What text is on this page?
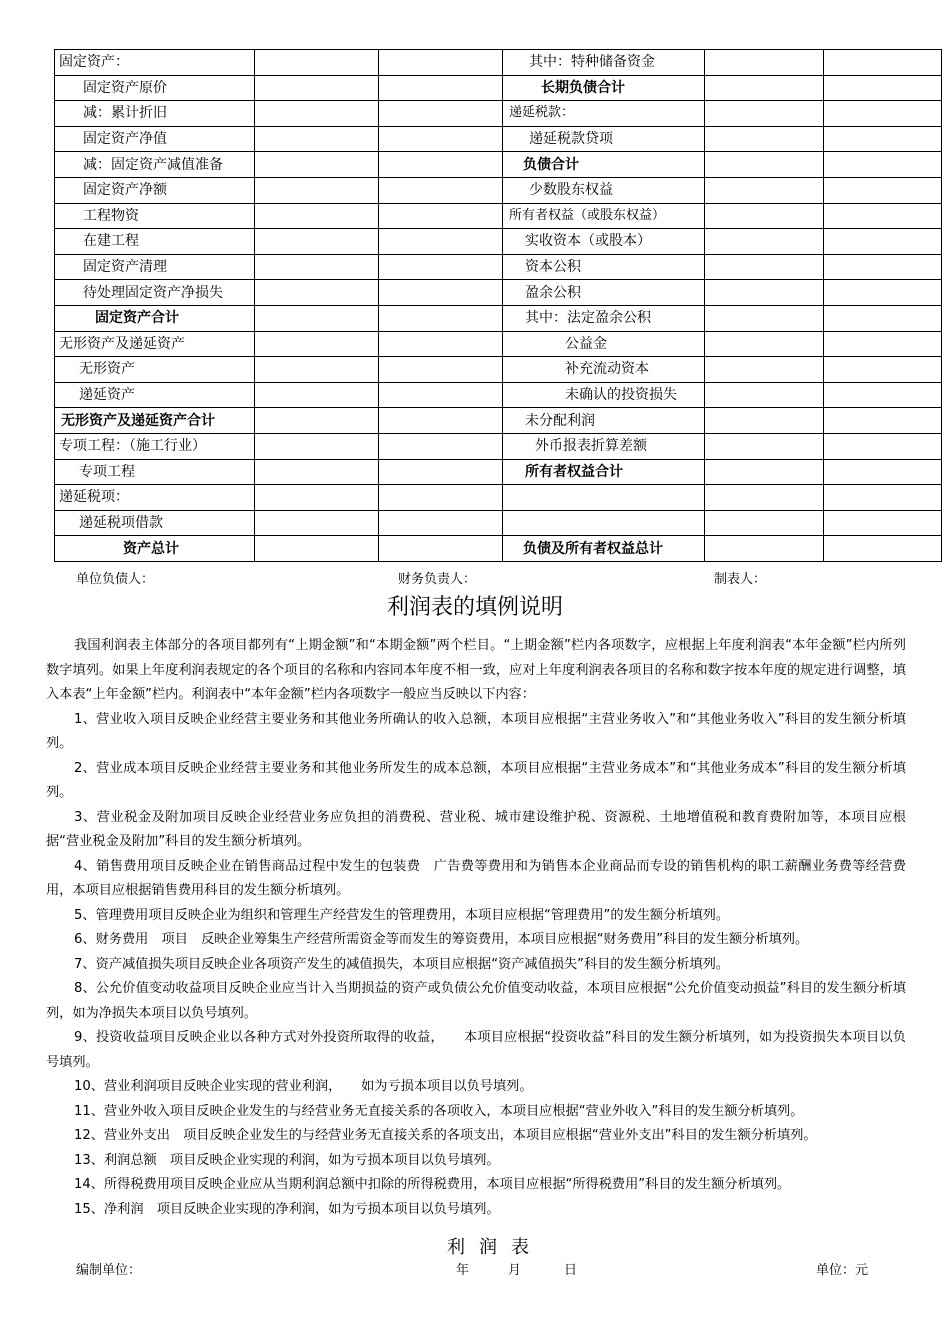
固定资产：			其中：特种储备资金		
固定资产原价			长期负债合计		
减：累计折旧			递延税款：		
固定资产净值			递延税款贷项		
减：固定资产减值准备			负债合计		
固定资产净额			少数股东权益		
工程物资			所有者权益（或股东权益）		
在建工程			实收资本（或股本）		
固定资产清理			资本公积		
待处理固定资产净损失			盈余公积		
固定资产合计			其中：法定盈余公积		
无形资产及递延资产			公益金		
无形资产			补充流动资本		
递延资产			未确认的投资损失		
无形资产及递延资产合计			未分配利润		
专项工程：（施工行业）			外币报表折算差额		
专项工程			所有者权益合计		
递延税项：					
递延税项借款					
资产总计			负债及所有者权益总计		
单位负债人：	财务负责人：	制表人：
利润表的填例说明

我国利润表主体部分的各项目都列有“上期金额”和“本期金额”两个栏目。“上期金额”栏内各项数字，应根据上年度利润表“本年金额”栏内所列数字填列。如果上年度利润表规定的各个项目的名称和内容同本年度不相一致，应对上年度利润表各项目的名称和数字按本年度的规定进行调整，填入本表“上年金额”栏内。利润表中“本年金额”栏内各项数字一般应当反映以下内容：

1、营业收入项目反映企业经营主要业务和其他业务所确认的收入总额，本项目应根据“主营业务收入”和“其他业务收入”科目的发生额分析填列。

2、营业成本项目反映企业经营主要业务和其他业务所发生的成本总额，本项目应根据“主营业务成本”和“其他业务成本”科目的发生额分析填列。

3、营业税金及附加项目反映企业经营业务应负担的消费税、营业税、城市建设维护税、资源税、土地增值税和教育费附加等，本项目应根据“营业税金及附加”科目的发生额分析填列。

4、销售费用项目反映企业在销售商品过程中发生的包装费　广告费等费用和为销售本企业商品而专设的销售机构的职工薪酬业务费等经营费用，本项目应根据销售费用科目的发生额分析填列。

5、管理费用项目反映企业为组织和管理生产经营发生的管理费用，本项目应根据“管理费用”的发生额分析填列。

6、财务费用　项目　反映企业筹集生产经营所需资金等而发生的筹资费用，本项目应根据“财务费用”科目的发生额分析填列。

7、资产减值损失项目反映企业各项资产发生的减值损失，本项目应根据“资产减值损失”科目的发生额分析填列。

8、公允价值变动收益项目反映企业应当计入当期损益的资产或负债公允价值变动收益，本项目应根据“公允价值变动损益”科目的发生额分析填列，如为净损失本项目以负号填列。

9、投资收益项目反映企业以各种方式对外投资所取得的收益，　　本项目应根据“投资收益”科目的发生额分析填列，如为投资损失本项目以负号填列。

10、营业利润项目反映企业实现的营业利润，　　如为亏损本项目以负号填列。

11、营业外收入项目反映企业发生的与经营业务无直接关系的各项收入，本项目应根据“营业外收入”科目的发生额分析填列。

12、营业外支出　项目反映企业发生的与经营业务无直接关系的各项支出，本项目应根据“营业外支出”科目的发生额分析填列。

13、利润总额　项目反映企业实现的利润，如为亏损本项目以负号填列。

14、所得税费用项目反映企业应从当期利润总额中扣除的所得税费用，本项目应根据“所得税费用”科目的发生额分析填列。

15、净利润　项目反映企业实现的净利润，如为亏损本项目以负号填列。

利润表
编制单位：	年	月	日	单位：元
